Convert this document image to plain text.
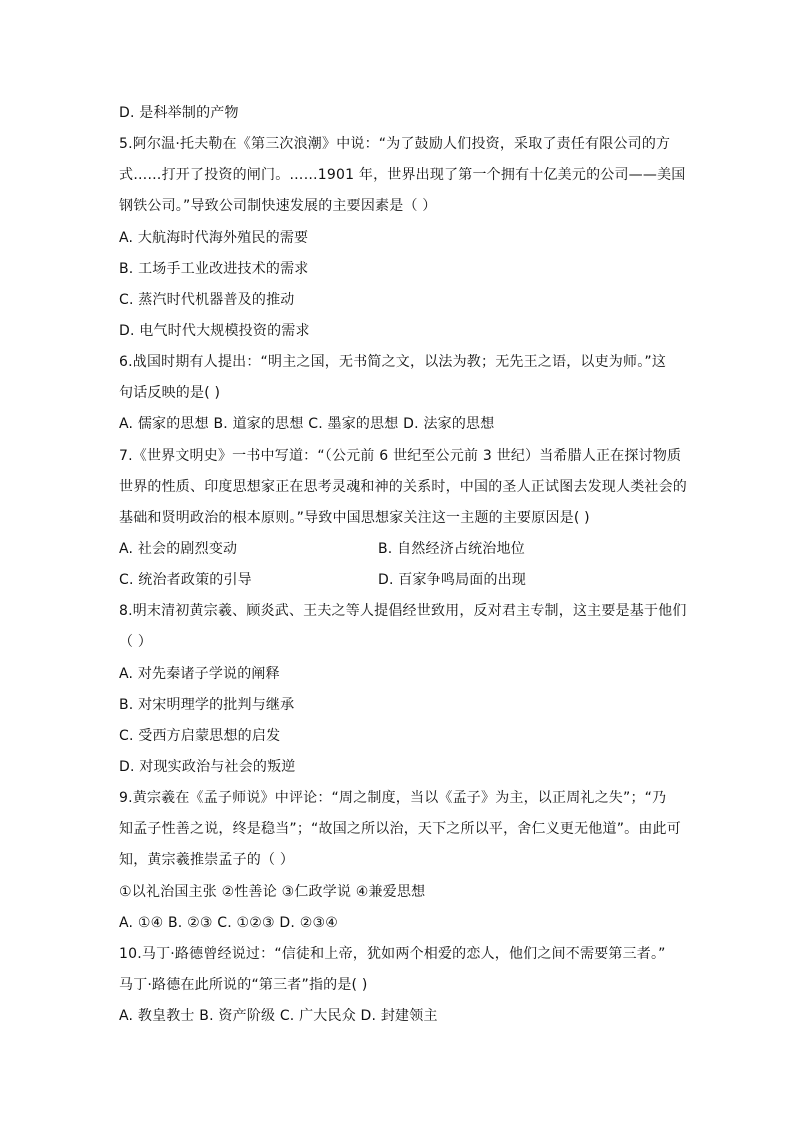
D. 是科举制的产物
5.阿尔温·托夫勒在《第三次浪潮》中说：“为了鼓励人们投资，采取了责任有限公司的方
式……打开了投资的闸门。……1901 年，世界出现了第一个拥有十亿美元的公司——美国
钢铁公司。”导致公司制快速发展的主要因素是（ ）
A. 大航海时代海外殖民的需要
B. 工场手工业改进技术的需求
C. 蒸汽时代机器普及的推动
D. 电气时代大规模投资的需求
6.战国时期有人提出：“明主之国，无书简之文，以法为教；无先王之语，以吏为师。”这
句话反映的是( )
A. 儒家的思想 B. 道家的思想 C. 墨家的思想 D. 法家的思想
7.《世界文明史》一书中写道：“（公元前 6 世纪至公元前 3 世纪）当希腊人正在探讨物质
世界的性质、印度思想家正在思考灵魂和神的关系时，中国的圣人正试图去发现人类社会的
基础和贤明政治的根本原则。”导致中国思想家关注这一主题的主要原因是( )
A. 社会的剧烈变动	B. 自然经济占统治地位
C. 统治者政策的引导	D. 百家争鸣局面的出现
8.明末清初黄宗羲、顾炎武、王夫之等人提倡经世致用，反对君主专制，这主要是基于他们
（ ）
A. 对先秦诸子学说的阐释
B. 对宋明理学的批判与继承
C. 受西方启蒙思想的启发
D. 对现实政治与社会的叛逆
9.黄宗羲在《孟子师说》中评论：“周之制度，当以《孟子》为主，以正周礼之失”；“乃
知孟子性善之说，终是稳当”；“故国之所以治，天下之所以平，舍仁义更无他道”。由此可
知，黄宗羲推崇孟子的（ ）
①以礼治国主张 ②性善论 ③仁政学说 ④兼爱思想
A. ①④ B. ②③ C. ①②③ D. ②③④
10.马丁·路德曾经说过：“信徒和上帝，犹如两个相爱的恋人，他们之间不需要第三者。”
马丁·路德在此所说的“第三者”指的是( )
A. 教皇教士 B. 资产阶级 C. 广大民众 D. 封建领主
